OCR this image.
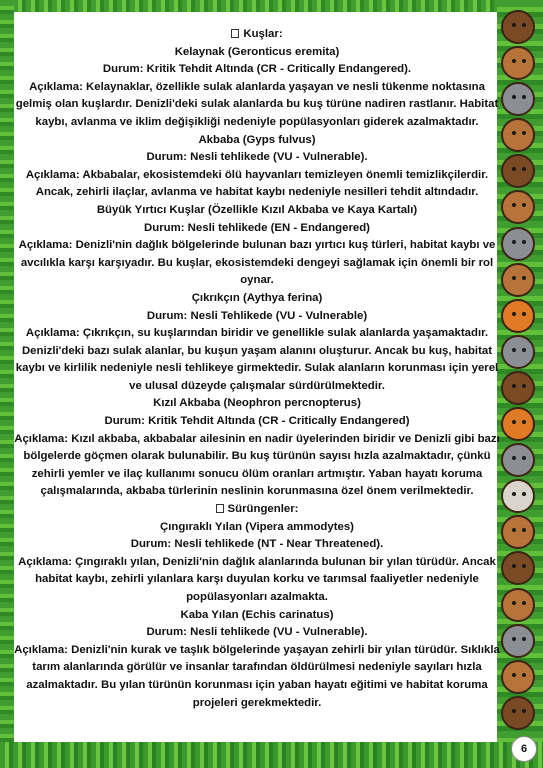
Kuşlar:

Kelaynak (Geronticus eremita)

Durum: Kritik Tehdit Altında (CR - Critically Endangered).

Açıklama: Kelaynaklar, özellikle sulak alanlarda yaşayan ve nesli tükenme noktasına gelmiş olan kuşlardır. Denizli'deki sulak alanlarda bu kuş türüne nadiren rastlanır. Habitat kaybı, avlanma ve iklim değişikliği nedeniyle popülasyonları giderek azalmaktadır.

Akbaba (Gyps fulvus)

Durum: Nesli tehlikede (VU - Vulnerable).

Açıklama: Akbabalar, ekosistemdeki ölü hayvanları temizleyen önemli temizlikçilerdir. Ancak, zehirli ilaçlar, avlanma ve habitat kaybı nedeniyle nesilleri tehdit altındadır.

Büyük Yırtıcı Kuşlar (Özellikle Kızıl Akbaba ve Kaya Kartalı)

Durum: Nesli tehlikede (EN - Endangered)

Açıklama: Denizli'nin dağlık bölgelerinde bulunan bazı yırtıcı kuş türleri, habitat kaybı ve avcılıkla karşı karşıyadır. Bu kuşlar, ekosistemdeki dengeyi sağlamak için önemli bir rol oynar.

Çıkrıkçın (Aythya ferina)

Durum: Nesli Tehlikede (VU - Vulnerable)

Açıklama: Çıkrıkçın, su kuşlarından biridir ve genellikle sulak alanlarda yaşamaktadır. Denizli'deki bazı sulak alanlar, bu kuşun yaşam alanını oluşturur. Ancak bu kuş, habitat kaybı ve kirlilik nedeniyle nesli tehlikeye girmektedir. Sulak alanların korunması için yerel ve ulusal düzeyde çalışmalar sürdürülmektedir.

Kızıl Akbaba (Neophron percnopterus)

Durum: Kritik Tehdit Altında (CR - Critically Endangered)

Açıklama: Kızıl akbaba, akbabalar ailesinin en nadir üyelerinden biridir ve Denizli gibi bazı bölgelerde göçmen olarak bulunabilir. Bu kuş türünün sayısı hızla azalmaktadır, çünkü zehirli yemler ve ilaç kullanımı sonucu ölüm oranları artmıştır. Yaban hayatı koruma çalışmalarında, akbaba türlerinin neslinin korunmasına özel önem verilmektedir.

Sürüngenler:

Çıngıraklı Yılan (Vipera ammodytes)

Durum: Nesli tehlikede (NT - Near Threatened).

Açıklama: Çıngıraklı yılan, Denizli'nin dağlık alanlarında bulunan bir yılan türüdür. Ancak habitat kaybı, zehirli yılanlara karşı duyulan korku ve tarımsal faaliyetler nedeniyle popülasyonları azalmakta.

Kaba Yılan (Echis carinatus)

Durum: Nesli tehlikede (VU - Vulnerable).

Açıklama: Denizli'nin kurak ve taşlık bölgelerinde yaşayan zehirli bir yılan türüdür. Sıklıkla tarım alanlarında görülür ve insanlar tarafından öldürülmesi nedeniyle sayıları hızla azalmaktadır. Bu yılan türünün korunması için yaban hayatı eğitimi ve habitat koruma projeleri gerekmektedir.

6
